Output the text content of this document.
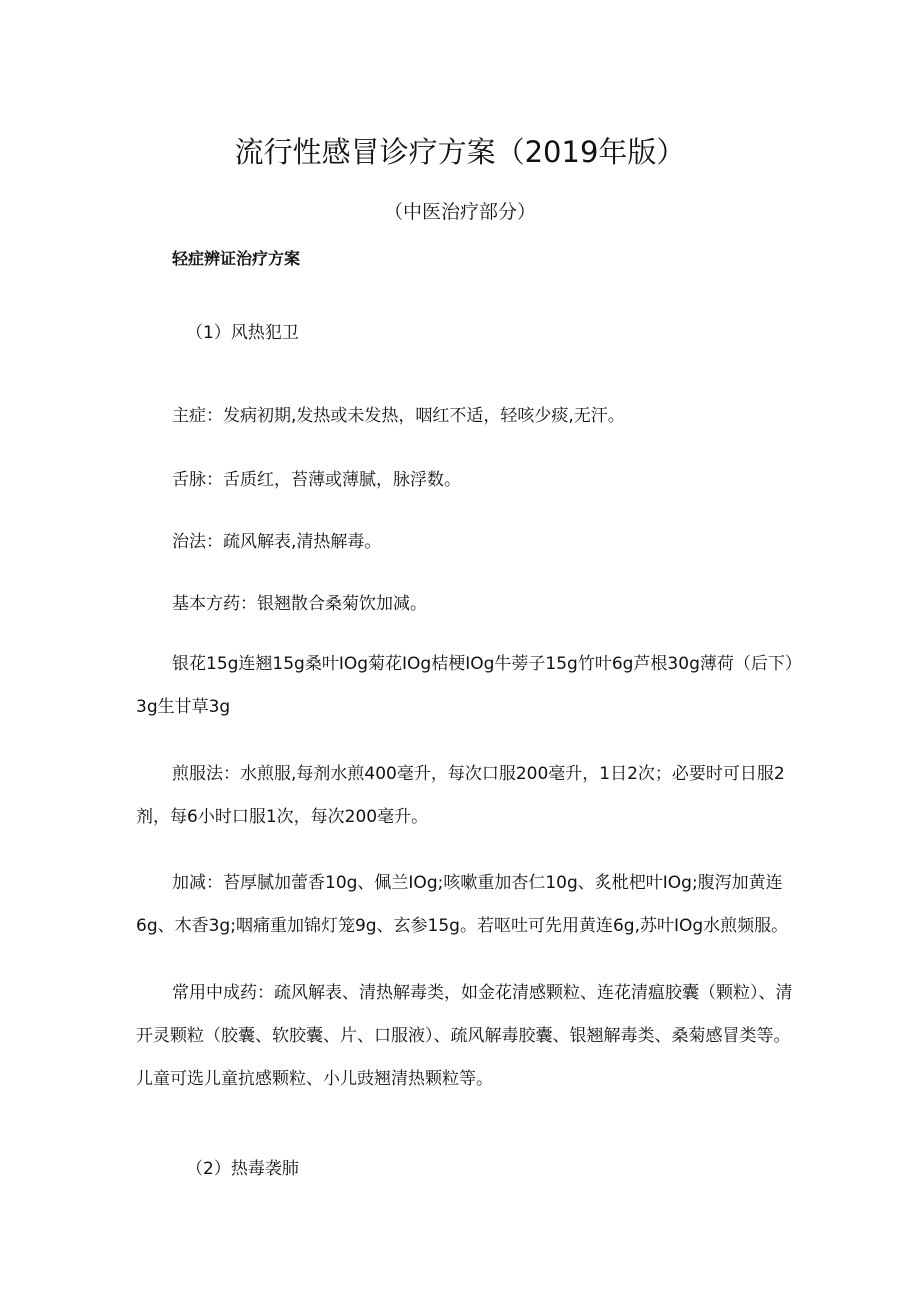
流行性感冒诊疗方案（2019年版）
（中医治疗部分）
轻症辨证治疗方案
（1）风热犯卫

主症：发病初期,发热或未发热，咽红不适，轻咳少痰,无汗。

舌脉：舌质红，苔薄或薄腻，脉浮数。

治法：疏风解表,清热解毒。

基本方药：银翘散合桑菊饮加减。

银花15g连翘15g桑叶IOg菊花IOg桔梗IOg牛蒡子15g竹叶6g芦根30g薄荷（后下）3g生甘草3g

煎服法：水煎服,每剂水煎400毫升，每次口服200毫升，1日2次；必要时可日服2剂，每6小时口服1次，每次200毫升。

加减：苔厚腻加蕾香10g、佩兰IOg;咳嗽重加杏仁10g、炙枇杷叶IOg;腹泻加黄连6g、木香3g;咽痛重加锦灯笼9g、玄参15g。若呕吐可先用黄连6g,苏叶IOg水煎频服。

常用中成药：疏风解表、清热解毒类，如金花清感颗粒、连花清瘟胶囊（颗粒）、清开灵颗粒（胶囊、软胶囊、片、口服液）、疏风解毒胶囊、银翘解毒类、桑菊感冒类等。儿童可选儿童抗感颗粒、小儿豉翘清热颗粒等。

（2）热毒袭肺
